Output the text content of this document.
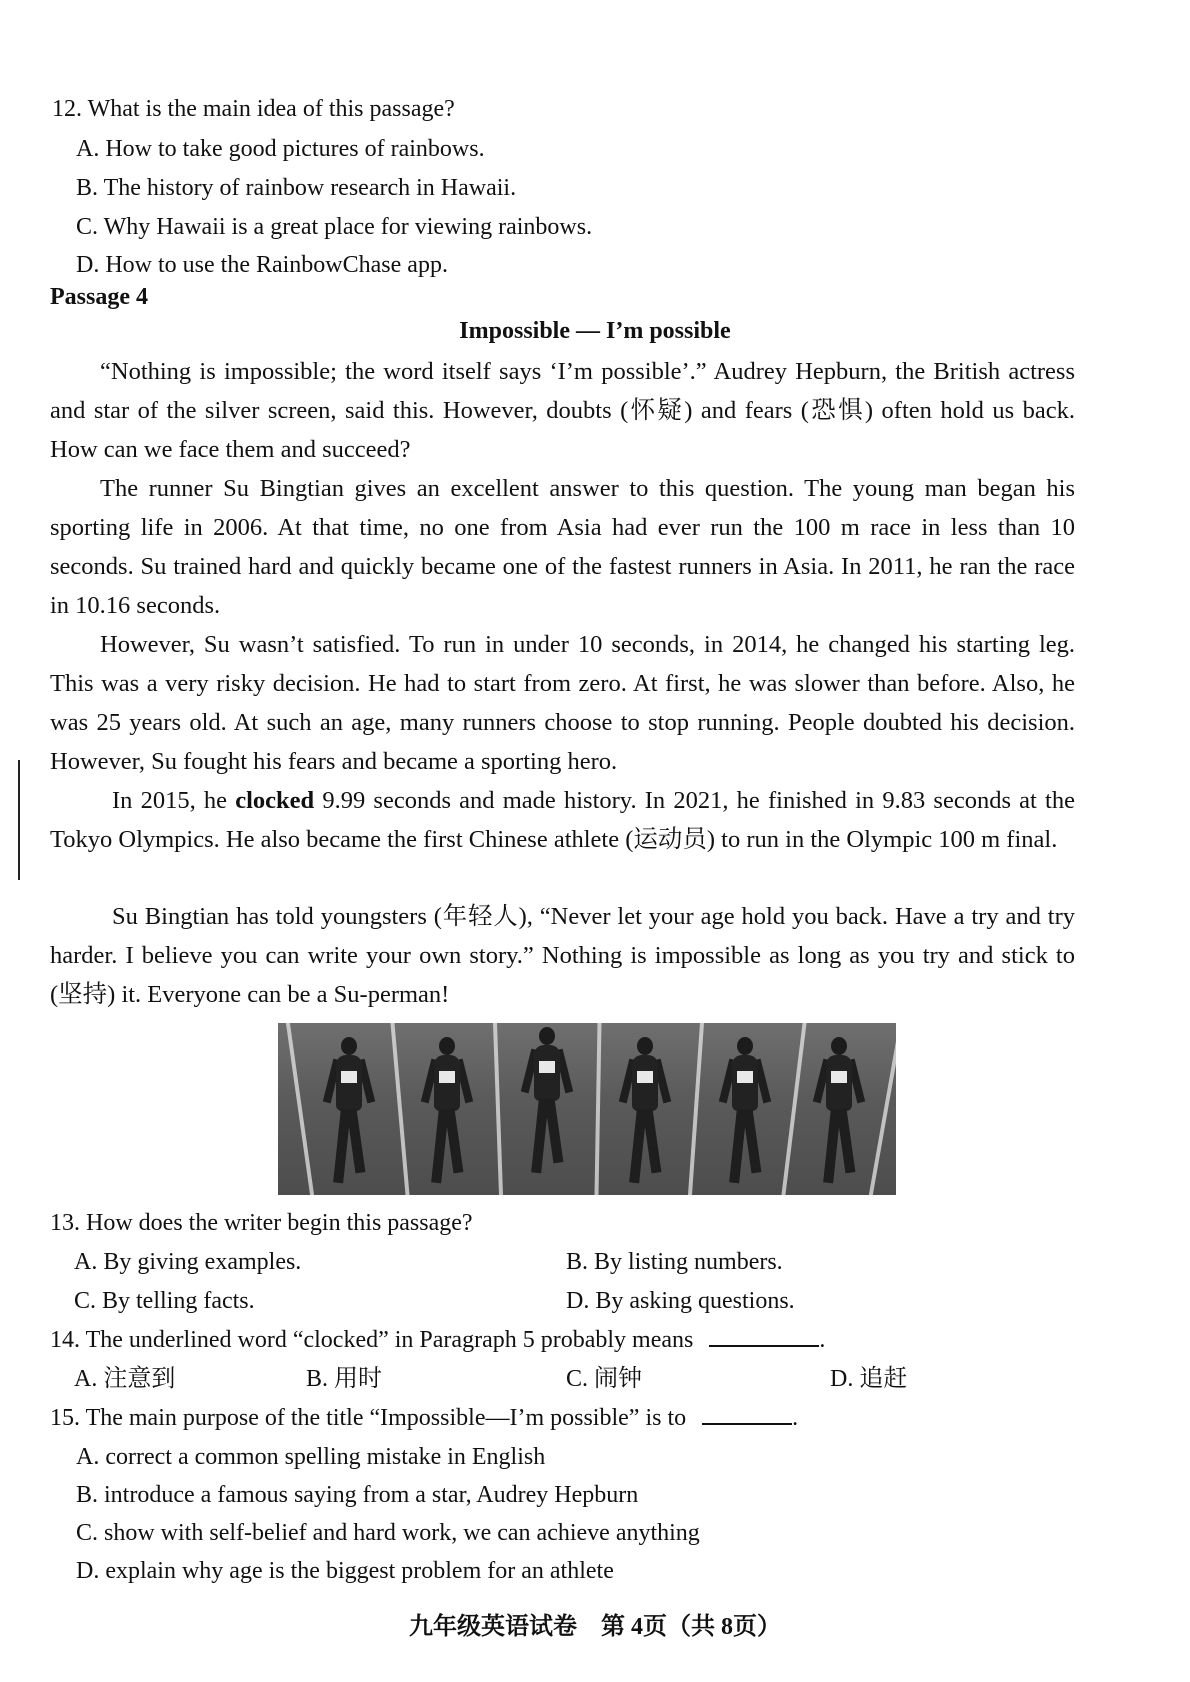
12. What is the main idea of this passage?
A. How to take good pictures of rainbows.
B. The history of rainbow research in Hawaii.
C. Why Hawaii is a great place for viewing rainbows.
D. How to use the RainbowChase app.
Passage 4
Impossible — I’m possible
“Nothing is impossible; the word itself says ‘I’m possible’.” Audrey Hepburn, the British actress and star of the silver screen, said this. However, doubts (怀疑) and fears (恐惧) often hold us back. How can we face them and succeed?
The runner Su Bingtian gives an excellent answer to this question. The young man began his sporting life in 2006. At that time, no one from Asia had ever run the 100 m race in less than 10 seconds. Su trained hard and quickly became one of the fastest runners in Asia. In 2011, he ran the race in 10.16 seconds.
However, Su wasn’t satisfied. To run in under 10 seconds, in 2014, he changed his starting leg. This was a very risky decision. He had to start from zero. At first, he was slower than before. Also, he was 25 years old. At such an age, many runners choose to stop running. People doubted his decision. However, Su fought his fears and became a sporting hero.
In 2015, he clocked 9.99 seconds and made history. In 2021, he finished in 9.83 seconds at the Tokyo Olympics. He also became the first Chinese athlete (运动员) to run in the Olympic 100 m final.
Su Bingtian has told youngsters (年轻人), “Never let your age hold you back. Have a try and try harder. I believe you can write your own story.” Nothing is impossible as long as you try and stick to (坚持) it. Everyone can be a Su-perman!
13. How does the writer begin this passage?
A. By giving examples.	B. By listing numbers.
C. By telling facts.	D. By asking questions.
14. The underlined word “clocked” in Paragraph 5 probably means	.
A. 注意到	B. 用时	C. 闹钟	D. 追赶
15. The main purpose of the title “Impossible—I’m possible” is to	.
A. correct a common spelling mistake in English
B. introduce a famous saying from a star, Audrey Hepburn
C. show with self-belief and hard work, we can achieve anything
D. explain why age is the biggest problem for an athlete
九年级英语试卷    第 4页（共 8页）
